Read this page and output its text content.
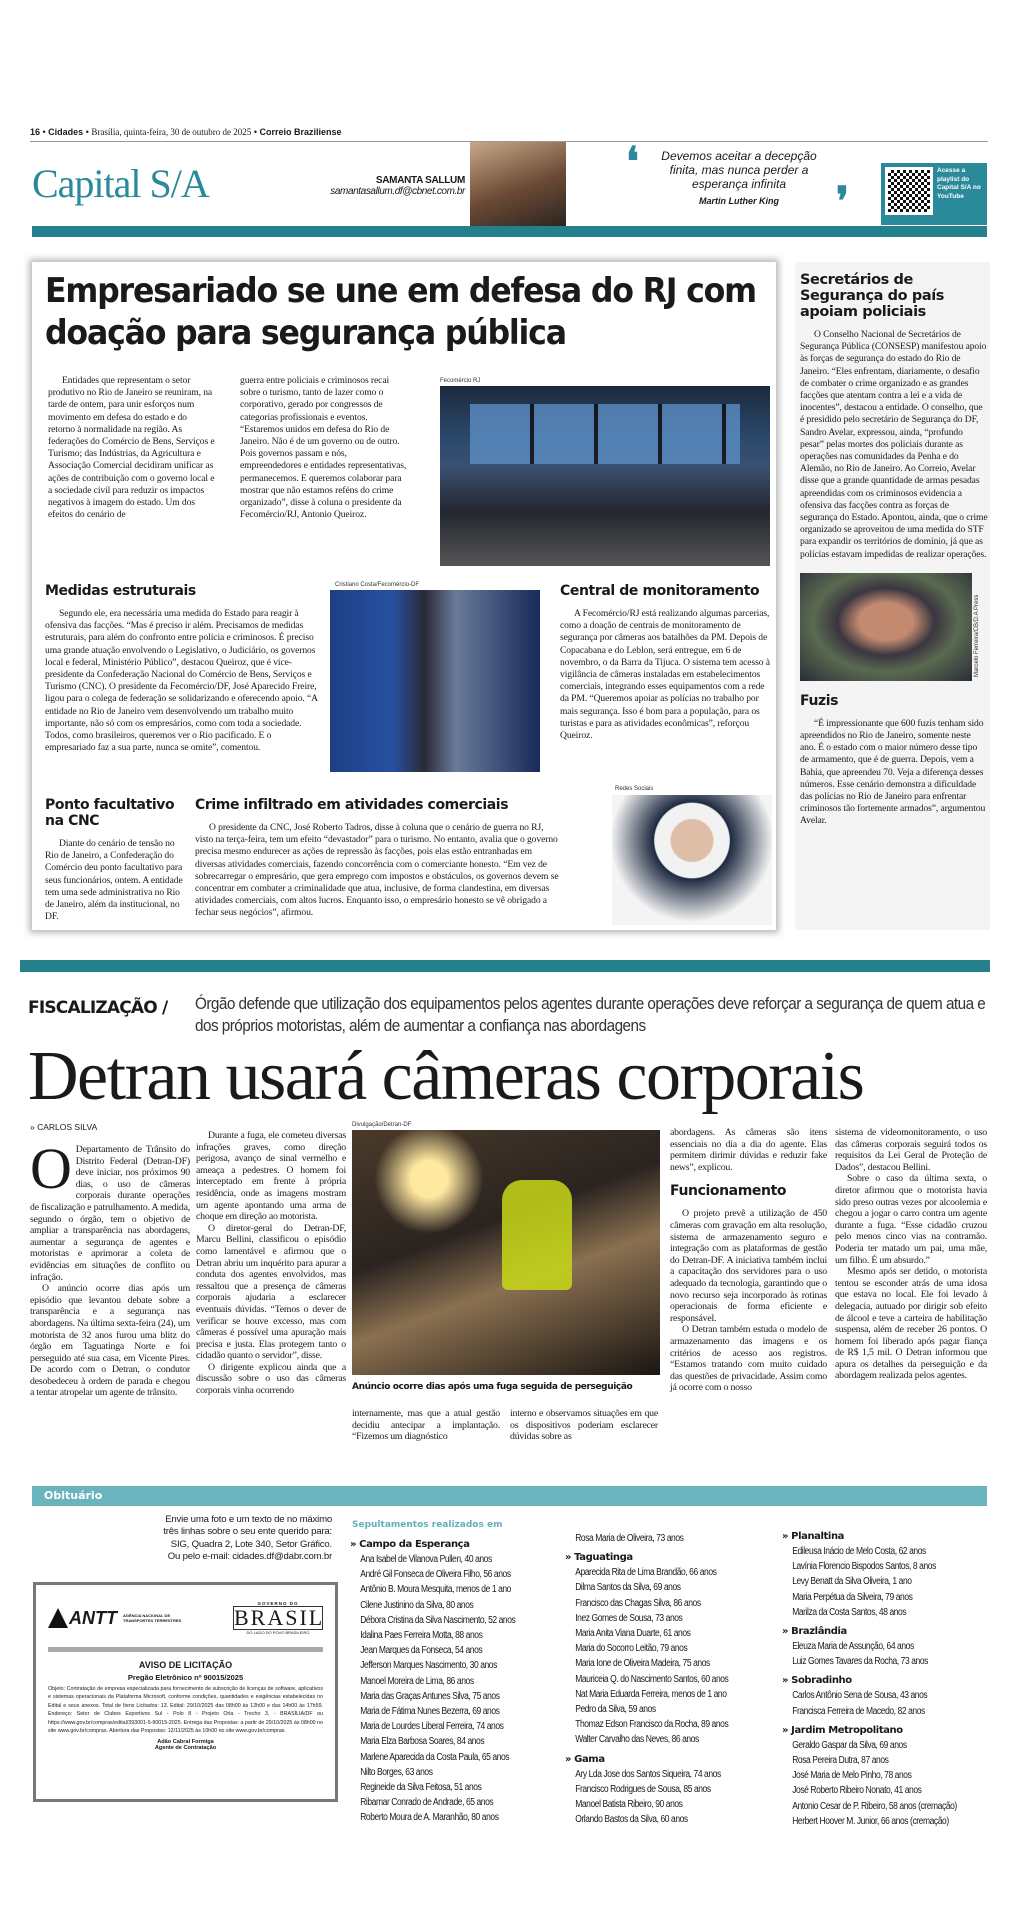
16 • Cidades • Brasília, quinta-feira, 30 de outubro de 2025 • Correio Braziliense
Capital S/A	SAMANTA SALLUM
samantasallum.df@cbnet.com.br
❛	Devemos aceitar a decepção finita, mas nunca perder a esperança infinita
Martin Luther King	❜
Acesse a playlist do Capital S/A no YouTube
Empresariado se une em defesa do RJ com doação para segurança pública

Entidades que representam o setor produtivo no Rio de Janeiro se reuniram, na tarde de ontem, para unir esforços num movimento em defesa do estado e do retorno à normalidade na região. As federações do Comércio de Bens, Serviços e Turismo; das Indústrias, da Agricultura e Associação Comercial decidiram unificar as ações de contribuição com o governo local e a sociedade civil para reduzir os impactos negativos à imagem do estado. Um dos efeitos do cenário de

guerra entre policiais e criminosos recai sobre o turismo, tanto de lazer como o corporativo, gerado por congressos de categorias profissionais e eventos. “Estaremos unidos em defesa do Rio de Janeiro. Não é de um governo ou de outro. Pois governos passam e nós, empreendedores e entidades representativas, permanecemos. E queremos colaborar para mostrar que não estamos reféns do crime organizado”, disse à coluna o presidente da Fecomércio/RJ, Antonio Queiroz.

Fecomércio RJ
Medidas estruturais

Segundo ele, era necessária uma medida do Estado para reagir à ofensiva das facções. “Mas é preciso ir além. Precisamos de medidas estruturais, para além do confronto entre polícia e criminosos. É preciso uma grande atuação envolvendo o Legislativo, o Judiciário, os governos local e federal, Ministério Público”, destacou Queiroz, que é vice-presidente da Confederação Nacional do Comércio de Bens, Serviços e Turismo (CNC). O presidente da Fecomércio/DF, José Aparecido Freire, ligou para o colega de federação se solidarizando e oferecendo apoio. “A entidade no Rio de Janeiro vem desenvolvendo um trabalho muito importante, não só com os empresários, como com toda a sociedade. Todos, como brasileiros, queremos ver o Rio pacificado. E o empresariado faz a sua parte, nunca se omite”, comentou.

Cristiano Costa/Fecomércio-DF	Central de monitoramento

A Fecomércio/RJ está realizando algumas parcerias, como a doação de centrais de monitoramento de segurança por câmeras aos batalhões da PM. Depois de Copacabana e do Leblon, será entregue, em 6 de novembro, o da Barra da Tijuca. O sistema tem acesso à vigilância de câmeras instaladas em estabelecimentos comerciais, integrando esses equipamentos com a rede da PM. “Queremos apoiar as polícias no trabalho por mais segurança. Isso é bom para a população, para os turistas e para as atividades econômicas”, reforçou Queiroz.

Ponto facultativo na CNC

Diante do cenário de tensão no Rio de Janeiro, a Confederação do Comércio deu ponto facultativo para seus funcionários, ontem. A entidade tem uma sede administrativa no Rio de Janeiro, além da institucional, no DF.

Crime infiltrado em atividades comerciais

O presidente da CNC, José Roberto Tadros, disse à coluna que o cenário de guerra no RJ, visto na terça-feira, tem um efeito “devastador” para o turismo. No entanto, avalia que o governo precisa mesmo endurecer as ações de repressão às facções, pois elas estão entranhadas em diversas atividades comerciais, fazendo concorrência com o comerciante honesto. “Em vez de sobrecarregar o empresário, que gera emprego com impostos e obstáculos, os governos devem se concentrar em combater a criminalidade que atua, inclusive, de forma clandestina, em diversas atividades comerciais, com altos lucros. Enquanto isso, o empresário honesto se vê obrigado a fechar seus negócios”, afirmou.

Redes Sociais
Secretários de Segurança do país apoiam policiais

O Conselho Nacional de Secretários de Segurança Pública (CONSESP) manifestou apoio às forças de segurança do estado do Rio de Janeiro. “Eles enfrentam, diariamente, o desafio de combater o crime organizado e as grandes facções que atentam contra a lei e a vida de inocentes”, destacou a entidade. O conselho, que é presidido pelo secretário de Segurança do DF, Sandro Avelar, expressou, ainda, “profundo pesar” pelas mortes dos policiais durante as operações nas comunidades da Penha e do Alemão, no Rio de Janeiro. Ao Correio, Avelar disse que a grande quantidade de armas pesadas apreendidas com os criminosos evidencia a ofensiva das facções contra as forças de segurança do Estado. Apontou, ainda, que o crime organizado se aproveitou de uma medida do STF para expandir os territórios de domínio, já que as polícias estavam impedidas de realizar operações.

Marcelo Ferreira/CB/D.A Press
Fuzis

“É impressionante que 600 fuzis tenham sido apreendidos no Rio de Janeiro, somente neste ano. É o estado com o maior número desse tipo de armamento, que é de guerra. Depois, vem a Bahia, que apreendeu 70. Veja a diferença desses números. Esse cenário demonstra a dificuldade das polícias no Rio de Janeiro para enfrentar criminosos tão fortemente armados”, argumentou Avelar.

FISCALIZAÇÃO / Órgão defende que utilização dos equipamentos pelos agentes durante operações deve reforçar a segurança de quem atua e dos próprios motoristas, além de aumentar a confiança nas abordagens
Detran usará câmeras corporais
» CARLOS SILVA
O Departamento de Trânsito do Distrito Federal (Detran-DF) deve iniciar, nos próximos 90 dias, o uso de câmeras corporais durante operações de fiscalização e patrulhamento. A medida, segundo o órgão, tem o objetivo de ampliar a transparência nas abordagens, aumentar a segurança de agentes e motoristas e aprimorar a coleta de evidências em situações de conflito ou infração.

O anúncio ocorre dias após um episódio que levantou debate sobre a transparência e a segurança nas abordagens. Na última sexta-feira (24), um motorista de 32 anos furou uma blitz do órgão em Taguatinga Norte e foi perseguido até sua casa, em Vicente Pires. De acordo com o Detran, o condutor desobedeceu à ordem de parada e chegou a tentar atropelar um agente de trânsito.

Durante a fuga, ele cometeu diversas infrações graves, como direção perigosa, avanço de sinal vermelho e ameaça a pedestres. O homem foi interceptado em frente à própria residência, onde as imagens mostram um agente apontando uma arma de choque em direção ao motorista.

O diretor-geral do Detran-DF, Marcu Bellini, classificou o episódio como lamentável e afirmou que o Detran abriu um inquérito para apurar a conduta dos agentes envolvidos, mas ressaltou que a presença de câmeras corporais ajudaria a esclarecer eventuais dúvidas. “Temos o dever de verificar se houve excesso, mas com câmeras é possível uma apuração mais precisa e justa. Elas protegem tanto o cidadão quanto o servidor”, disse.

O dirigente explicou ainda que a discussão sobre o uso das câmeras corporais vinha ocorrendo

Divulgação/Detran-DF
Anúncio ocorre dias após uma fuga seguida de perseguição

internamente, mas que a atual gestão decidiu antecipar a implantação. “Fizemos um diagnóstico

interno e observamos situações em que os dispositivos poderiam esclarecer dúvidas sobre as

abordagens. As câmeras são itens essenciais no dia a dia do agente. Elas permitem dirimir dúvidas e reduzir fake news”, explicou.

Funcionamento

O projeto prevê a utilização de 450 câmeras com gravação em alta resolução, sistema de armazenamento seguro e integração com as plataformas de gestão do Detran-DF. A iniciativa também inclui a capacitação dos servidores para o uso adequado da tecnologia, garantindo que o novo recurso seja incorporado às rotinas operacionais de forma eficiente e responsável.

O Detran também estuda o modelo de armazenamento das imagens e os critérios de acesso aos registros. “Estamos tratando com muito cuidado das questões de privacidade. Assim como já ocorre com o nosso

sistema de videomonitoramento, o uso das câmeras corporais seguirá todos os requisitos da Lei Geral de Proteção de Dados”, destacou Bellini.

Sobre o caso da última sexta, o diretor afirmou que o motorista havia sido preso outras vezes por alcoolemia e chegou a jogar o carro contra um agente durante a fuga. “Esse cidadão cruzou pelo menos cinco vias na contramão. Poderia ter matado um pai, uma mãe, um filho. É um absurdo.”

Mesmo após ser detido, o motorista tentou se esconder atrás de uma idosa que estava no local. Ele foi levado à delegacia, autuado por dirigir sob efeito de álcool e teve a carteira de habilitação suspensa, além de receber 26 pontos. O homem foi liberado após pagar fiança de R$ 1,5 mil. O Detran informou que apura os detalhes da perseguição e da abordagem realizada pelos agentes.

Obituário
Envie uma foto e um texto de no máximo três linhas sobre o seu ente querido para: SIG, Quadra 2, Lote 340, Setor Gráfico. Ou pelo e-mail: cidades.df@dabr.com.br
Sepultamentos realizados em
» Campo da Esperança
Ana Isabel de Vilanova Pullen, 40 anos
André Gil Fonseca de Oliveira Filho, 56 anos
Antônio B. Moura Mesquita, menos de 1 ano
Cilene Justinino da Silva, 80 anos
Débora Cristina da Silva Nascimento, 52 anos
Idalina Paes Ferreira Motta, 88 anos
Jean Marques da Fonseca, 54 anos
Jefferson Marques Nascimento, 30 anos
Manoel Moreira de Lima, 86 anos
Maria das Graças Antunes Silva, 75 anos
Maria de Fátima Nunes Bezerra, 69 anos
Maria de Lourdes Liberal Ferreira, 74 anos
Maria Elza Barbosa Soares, 84 anos
Marlene Aparecida da Costa Paula, 65 anos
Nilto Borges, 63 anos
Regineide da Silva Feitosa, 51 anos
Ribamar Conrado de Andrade, 65 anos
Roberto Moura de A. Maranhão, 80 anos
Rosa Maria de Oliveira, 73 anos
» Taguatinga
Aparecida Rita de Lima Brandão, 66 anos
Dilma Santos da Silva, 69 anos
Francisco das Chagas Silva, 86 anos
Inez Gomes de Sousa, 73 anos
Maria Anita Viana Duarte, 61 anos
Maria do Socorro Leitão, 79 anos
Maria Ione de Oliveira Madeira, 75 anos
Mauriceia Q. do Nascimento Santos, 60 anos
Nat Maria Eduarda Ferreira, menos de 1 ano
Pedro da Silva, 59 anos
Thomaz Edson Francisco da Rocha, 89 anos
Walter Carvalho das Neves, 86 anos
» Gama
Ary Lda Jose dos Santos Siqueira, 74 anos
Francisco Rodrigues de Sousa, 85 anos
Manoel Batista Ribeiro, 90 anos
Orlando Bastos da Silva, 60 anos
» Planaltina
Edileusa Inácio de Melo Costa, 62 anos
Lavínia Florencio Bispodos Santos, 8 anos
Levy Benatt da Silva Oliveira, 1 ano
Maria Perpétua da Silveira, 79 anos
Marilza da Costa Santos, 48 anos
» Brazlândia
Eleuza Maria de Assunção, 64 anos
Luiz Gomes Tavares da Rocha, 73 anos
» Sobradinho
Carlos Antônio Sena de Sousa, 43 anos
Francisca Ferreira de Macedo, 82 anos
» Jardim Metropolitano
Geraldo Gaspar da Silva, 69 anos
Rosa Pereira Dutra, 87 anos
José Maria de Melo Pinho, 78 anos
José Roberto Ribeiro Nonato, 41 anos
Antonio Cesar de P. Ribeiro, 58 anos (cremação)
Herbert Hoover M. Junior, 66 anos (cremação)
ANTT AGÊNCIA NACIONAL DE TRANSPORTES TERRESTRES
GOVERNO DO
BRASIL
DO LADO DO POVO BRASILEIRO
AVISO DE LICITAÇÃO
Pregão Eletrônico nº 90015/2025
Objeto: Contratação de empresa especializada para fornecimento de subscrição de licenças de software, aplicativos e sistemas operacionais da Plataforma Microsoft, conforme condições, quantidades e exigências estabelecidas no Edital e seus anexos. Total de Itens Licitados: 13. Edital: 29/10/2025 das 08h00 às 12h00 e das 14h00 às 17h59. Endereço: Setor de Clubes Esportivos Sul - Polo 8 - Projeto Orla - Trecho 3, - BRASÍLIA/DF ou https://www.gov.br/compras/edital/393001-5-90015-2025. Entrega das Propostas: a partir de 29/10/2025 às 08h00 no site www.gov.br/compras. Abertura das Propostas: 12/11/2025 às 10h00 no site www.gov.br/compras.
Adão Cabral Formiga
Agente de Contratação
